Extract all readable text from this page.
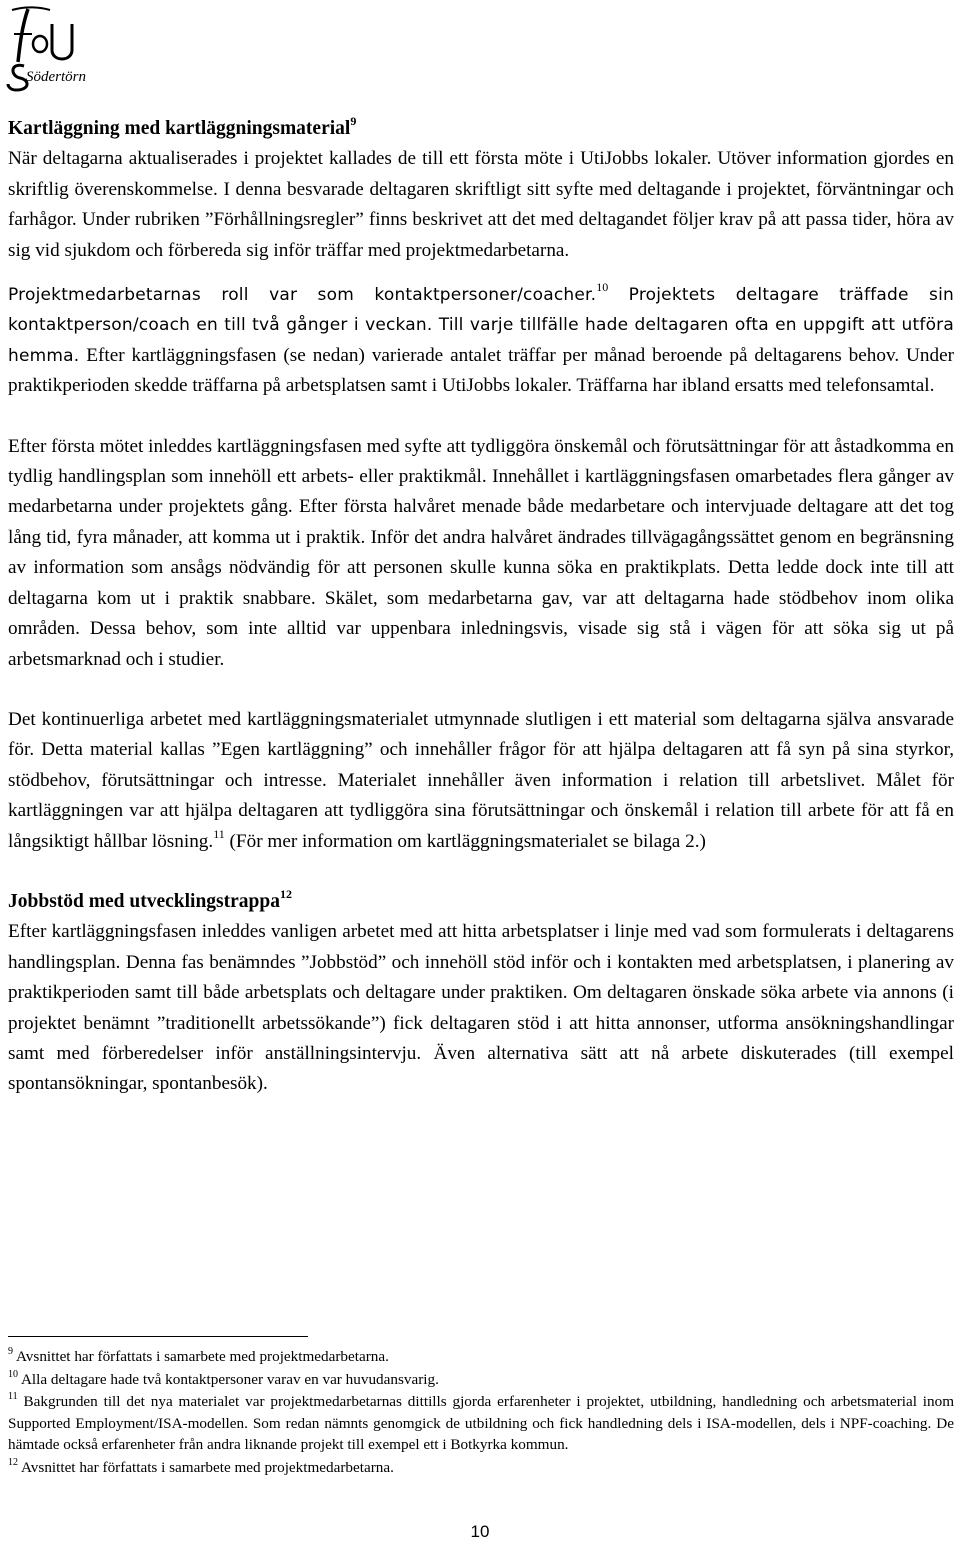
Södertörn

Kartläggning med kartläggningsmaterial$^9$

När deltagarna aktualiserades i projektet kallades de till ett första möte i UtiJobbs lokaler. Utöver information gjordes en skriftlig överenskommelse. I denna besvarade deltagaren skriftligt sitt syfte med deltagande i projektet, förväntningar och farhågor. Under rubriken ”Förhållningsregler” finns beskrivet att det med deltagandet följer krav på att passa tider, höra av sig vid sjukdom och förbereda sig inför träffar med projektmedarbetarna.

Projektmedarbetarnas roll var som kontaktpersoner/coacher.$^{10}$ Projektets deltagare träffade sin kontaktperson/coach en till två gånger i veckan. Till varje tillfälle hade deltagaren ofta en uppgift att utföra hemma. Efter kartläggningsfasen (se nedan) varierade antalet träffar per månad beroende på deltagarens behov. Under praktikperioden skedde träffarna på arbetsplatsen samt i UtiJobbs lokaler. Träffarna har ibland ersatts med telefonsamtal.

Efter första mötet inleddes kartläggningsfasen med syfte att tydliggöra önskemål och förutsättningar för att åstadkomma en tydlig handlingsplan som innehöll ett arbets- eller praktikmål. Innehållet i kartläggningsfasen omarbetades flera gånger av medarbetarna under projektets gång. Efter första halvåret menade både medarbetare och intervjuade deltagare att det tog lång tid, fyra månader, att komma ut i praktik. Inför det andra halvåret ändrades tillvägagångssättet genom en begränsning av information som ansågs nödvändig för att personen skulle kunna söka en praktikplats. Detta ledde dock inte till att deltagarna kom ut i praktik snabbare. Skälet, som medarbetarna gav, var att deltagarna hade stödbehov inom olika områden. Dessa behov, som inte alltid var uppenbara inledningsvis, visade sig stå i vägen för att söka sig ut på arbetsmarknad och i studier.

Det kontinuerliga arbetet med kartläggningsmaterialet utmynnade slutligen i ett material som deltagarna själva ansvarade för. Detta material kallas ”Egen kartläggning” och innehåller frågor för att hjälpa deltagaren att få syn på sina styrkor, stödbehov, förutsättningar och intresse. Materialet innehåller även information i relation till arbetslivet. Målet för kartläggningen var att hjälpa deltagaren att tydliggöra sina förutsättningar och önskemål i relation till arbete för att få en långsiktigt hållbar lösning.$^{11}$ (För mer information om kartläggningsmaterialet se bilaga 2.)

Jobbstöd med utvecklingstrappa$^{12}$

Efter kartläggningsfasen inleddes vanligen arbetet med att hitta arbetsplatser i linje med vad som formulerats i deltagarens handlingsplan. Denna fas benämndes ”Jobbstöd” och innehöll stöd inför och i kontakten med arbetsplatsen, i planering av praktikperioden samt till både arbetsplats och deltagare under praktiken. Om deltagaren önskade söka arbete via annons (i projektet benämnt ”traditionellt arbetssökande”) fick deltagaren stöd i att hitta annonser, utforma ansökningshandlingar samt med förberedelser inför anställningsintervju. Även alternativa sätt att nå arbete diskuterades (till exempel spontansökningar, spontanbesök).

$^9$ Avsnittet har författats i samarbete med projektmedarbetarna.

$^{10}$ Alla deltagare hade två kontaktpersoner varav en var huvudansvarig.

$^{11}$ Bakgrunden till det nya materialet var projektmedarbetarnas dittills gjorda erfarenheter i projektet, utbildning, handledning och arbetsmaterial inom Supported Employment/ISA-modellen. Som redan nämnts genomgick de utbildning och fick handledning dels i ISA-modellen, dels i NPF-coaching. De hämtade också erfarenheter från andra liknande projekt till exempel ett i Botkyrka kommun.

$^{12}$ Avsnittet har författats i samarbete med projektmedarbetarna.

10
